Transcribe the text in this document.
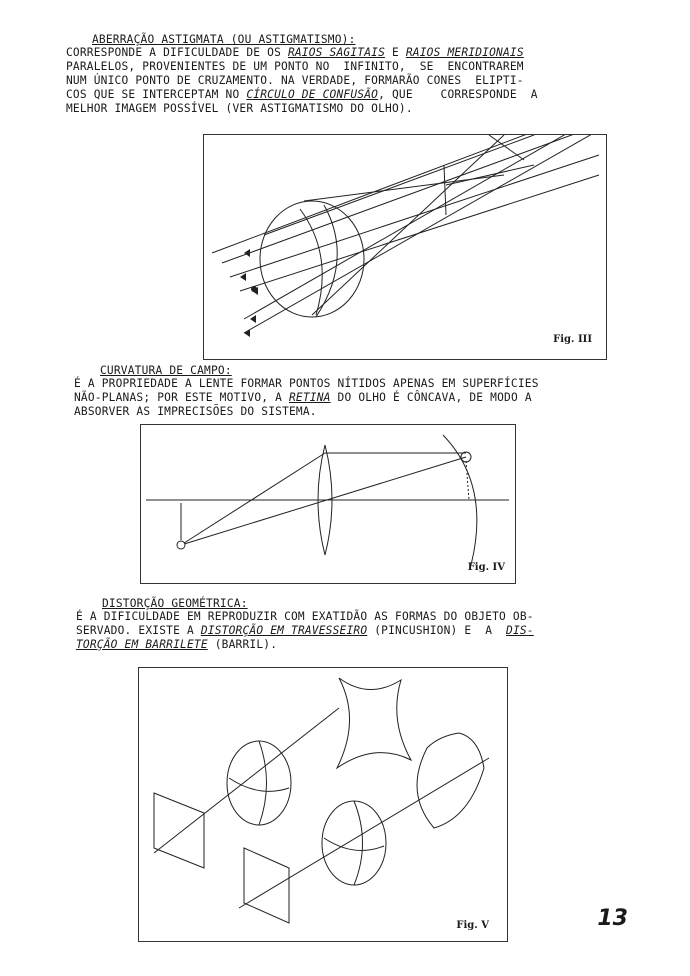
ABERRAÇÃO ASTIGMATA (OU ASTIGMATISMO):
CORRESPONDE A DIFICULDADE DE OS RAIOS SAGITAIS E RAIOS MERIDIONAIS
PARALELOS, PROVENIENTES DE UM PONTO NO  INFINITO,  SE  ENCONTRAREM
NUM ÚNICO PONTO DE CRUZAMENTO. NA VERDADE, FORMARÃO CONES  ELIPTI-
COS QUE SE INTERCEPTAM NO CÍRCULO DE CONFUSÃO, QUE    CORRESPONDE  A
MELHOR IMAGEM POSSÍVEL (VER ASTIGMATISMO DO OLHO).
Fig. III
CURVATURA DE CAMPO:
É A PROPRIEDADE A LENTE FORMAR PONTOS NÍTIDOS APENAS EM SUPERFÍCIES
NÃO-PLANAS; POR ESTE MOTIVO, A RETINA DO OLHO É CÔNCAVA, DE MODO A
ABSORVER AS IMPRECISÕES DO SISTEMA.
Fig. IV
DISTORÇÃO GEOMÉTRICA:
É A DIFICULDADE EM REPRODUZIR COM EXATIDÃO AS FORMAS DO OBJETO OB-
SERVADO. EXISTE A DISTORÇÃO EM TRAVESSEIRO (PINCUSHION) E  A  DIS-
TORÇÃO EM BARRILETE (BARRIL).
Fig. V	13
